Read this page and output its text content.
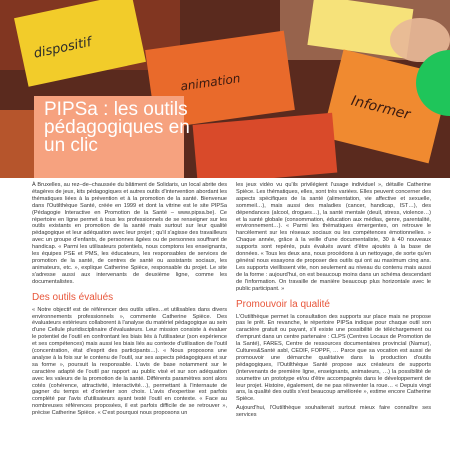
dispositif
animation
Informer
PIPSa : les outils pédagogiques en un clic

À Bruxelles, au rez–de–chaussée du bâtiment de Solidaris, un local abrite des étagères de jeux, kits pédagogiques et autres outils d'intervention abordant les thématiques liées à la prévention et à la promotion de la santé. Bienvenue dans l'Outilthèque Santé, créée en 1999 et dont la vitrine est le site PIPSa (Pédagogie Interactive en Promotion de la Santé – www.pipsa.be). Ce répertoire en ligne permet à tous les professionnels de se renseigner sur les outils existants en promotion de la santé mais surtout sur leur qualité pédagogique et leur adéquation avec leur projet ; qu'il s'agisse des travailleurs avec un groupe d'enfants, de personnes âgées ou de personnes souffrant de handicap. « Parmi les utilisateurs potentiels, nous comptons les enseignants, les équipes PSE et PMS, les éducateurs, les responsables de services de promotion de la santé, de centres de santé ou assistants sociaux, les animateurs, etc. », explique Catherine Spièce, responsable du projet. Le site s'adresse aussi aux intervenants de deuxième ligne, comme les documentalistes.

Des outils évalués

« Notre objectif est de référencer des outils utiles…et utilisables dans divers environnements professionnels », commente Catherine Spièce. Des évaluateurs extérieurs collaborent à l'analyse du matériel pédagogique au sein d'une Cellule pluridisciplinaire d'évaluateurs. Leur mission consiste à évaluer le potentiel de l'outil en confrontant les biais liés à l'utilisateur (son expérience et ses compétences) mais aussi les biais liés au contexte d'utilisation de l'outil (concentration, état d'esprit des participants…). « Nous proposons une analyse à la fois sur le contenu de l'outil, sur ses aspects pédagogiques et sur sa forme », poursuit la responsable. L'avis de base notamment sur le caractère adapté de l'outil par rapport au public visé et sur son adéquation avec les valeurs de la promotion de la santé. Différents paramètres sont alors cotés (cohérence, attractivité, interactivité…), permettant à l'internaute de gagner du temps et d'orienter son choix. L'avis d'expertise est parfois complété par l'avis d'utilisateurs ayant testé l'outil en contexte. « Face au nombreuses références proposées, il est parfois difficile de se retrouver », précise Catherine Spièce. « C'est pourquoi nous proposons un

les jeux vidéo vu qu'ils privilégient l'usage individuel », détaille Catherine Spièce. Les thématiques, elles, sont très variées. Elles peuvent concerner des aspects spécifiques de la santé (alimentation, vie affective et sexuelle, sommeil…), mais aussi des maladies (cancer, handicap, IST…), des dépendances (alcool, drogues…), la santé mentale (deuil, stress, violence…) et la santé globale (consommation, éducation aux médias, genre, parentalité, environnement…). « Parmi les thématiques émergentes, on retrouve le harcèlement sur les réseaux sociaux ou les compétences émotionnelles. » Chaque année, grâce à la veille d'une documentaliste, 30 à 40 nouveaux supports sont repérés, puis évalués avant d'être ajoutés à la base de données. « Tous les deux ans, nous procédons à un nettoyage, de sorte qu'en général nous essayons de proposer des outils qui ont au maximum cinq ans. Les supports vieillissent vite, non seulement au niveau du contenu mais aussi de la forme : aujourd'hui, on est beaucoup moins dans un schéma descendant de l'information. On travaille de manière beaucoup plus horizontale avec le public participant. »

Promouvoir la qualité

L'Outilthèque permet la consultation des supports sur place mais ne propose pas le prêt. En revanche, le répertoire PIPSa indique pour chaque outil son caractère gratuit ou payant, s'il existe une possibilité de téléchargement ou d'emprunt dans un centre partenaire : CLPS (Centres Locaux de Promotion de la Santé), FARES, Centre de ressources documentaires provincial (Namur), Cultures&Santé asbl, CEDIF, FOPPF, … Parce que sa vocation est aussi de promouvoir une démarche qualitative dans la production d'outils pédagogiques, l'Outilthèque Santé propose aux créateurs de supports (intervenants de première ligne, enseignants, animateurs, …) la possibilité de soumettre un prototype et/ou d'être accompagnés dans le développement de leur projet. Histoire, également, de ne pas réinventer la roue… « Depuis vingt ans, la qualité des outils s'est beaucoup améliorée », estime encore Catherine Spièce.

Aujourd'hui, l'Outilthèque souhaiterait surtout mieux faire connaître ses services
